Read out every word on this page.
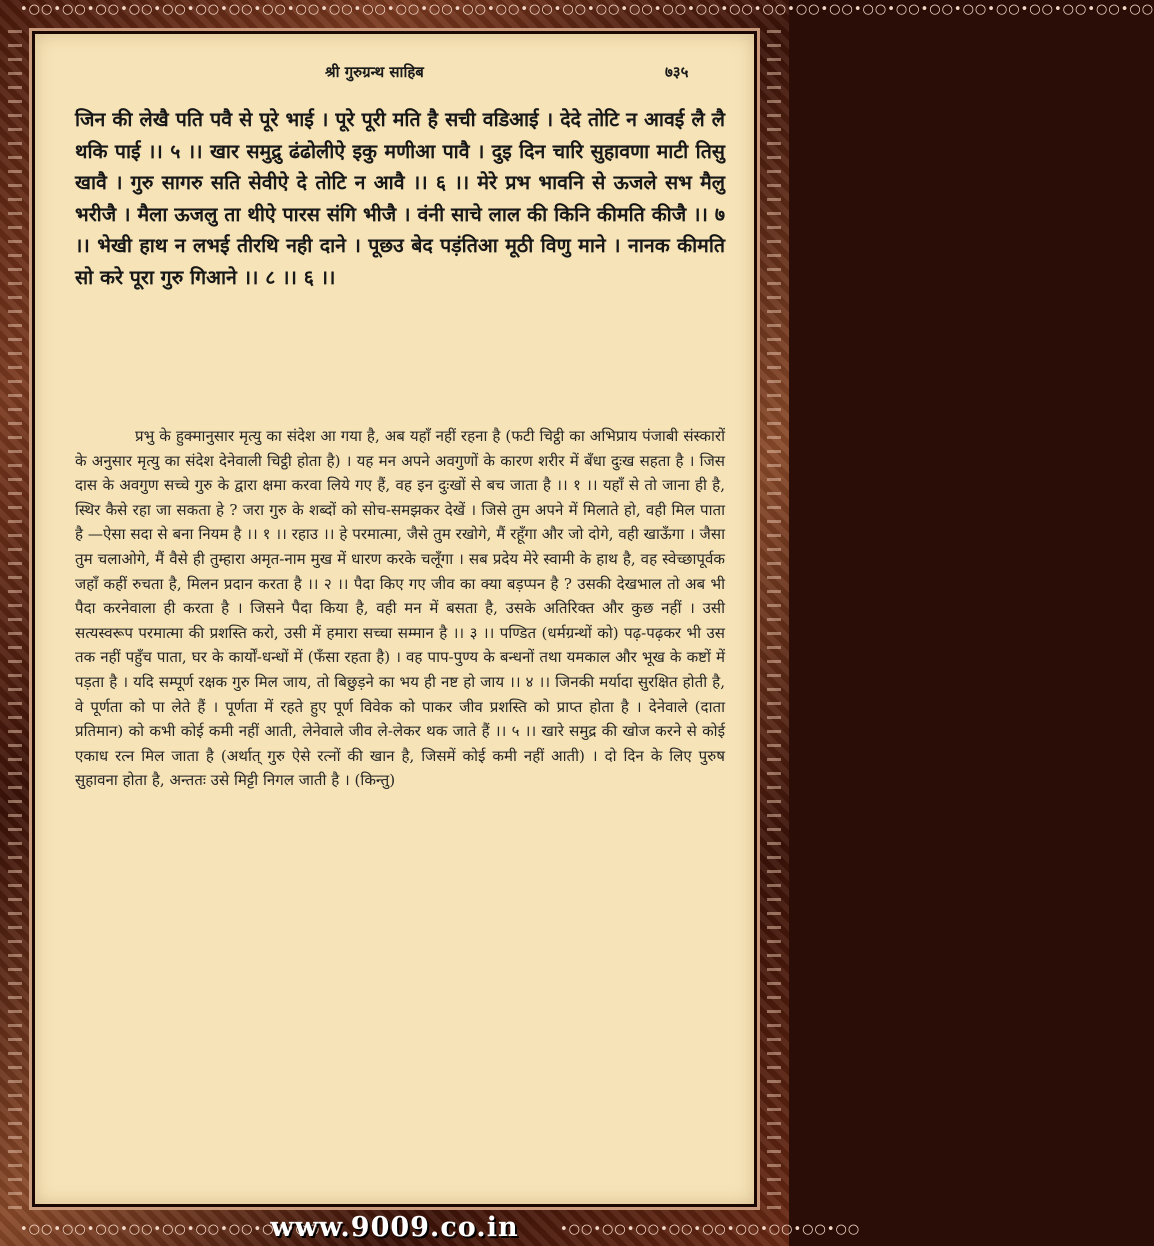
•○○•○○•○○•○○•○○•○○•○○•○○•○○•○○•○○•○○•○○•○○•○○•○○•○○•○○•○○•○○•○○•○○•○○•○○•○○•○○•○○•○○•○○•○○•○○•○○•○○•○○
•○○•○○•○○•○○•○○•○○•○○•○○•○○	•○○•○○•○○•○○•○○•○○•○○•○○•○○
श्री गुरुग्रन्थ साहिब	७३५
जिन की लेखै पति पवै से पूरे भाई । पूरे पूरी मति है सची वडिआई । देदे तोटि न आवई लै लै थकि पाई ।। ५ ।। खार समुद्रु ढंढोलीऐ इकु मणीआ पावै । दुइ दिन चारि सुहावणा माटी तिसु खावै । गुरु सागरु सति सेवीऐ दे तोटि न आवै ।। ६ ।। मेरे प्रभ भावनि से ऊजले सभ मैलु भरीजै । मैला ऊजलु ता थीऐ पारस संगि भीजै । वंनी साचे लाल की किनि कीमति कीजै ।। ७ ।। भेखी हाथ न लभई तीरथि नही दाने । पूछउ बेद पड़ंतिआ मूठी विणु माने । नानक कीमति सो करे पूरा गुरु गिआने ।। ८ ।। ६ ।।
प्रभु के हुक्मानुसार मृत्यु का संदेश आ गया है, अब यहाँ नहीं रहना है (फटी चिट्ठी का अभिप्राय पंजाबी संस्कारों के अनुसार मृत्यु का संदेश देनेवाली चिट्ठी होता है) । यह मन अपने अवगुणों के कारण शरीर में बँधा दुःख सहता है । जिस दास के अवगुण सच्चे गुरु के द्वारा क्षमा करवा लिये गए हैं, वह इन दुःखों से बच जाता है ।। १ ।। यहाँ से तो जाना ही है, स्थिर कैसे रहा जा सकता हे ? जरा गुरु के शब्दों को सोच-समझकर देखें । जिसे तुम अपने में मिलाते हो, वही मिल पाता है —ऐसा सदा से बना नियम है ।। १ ।। रहाउ ।। हे परमात्मा, जैसे तुम रखोगे, मैं रहूँगा और जो दोगे, वही खाऊँगा । जैसा तुम चलाओगे, मैं वैसे ही तुम्हारा अमृत-नाम मुख में धारण करके चलूँगा । सब प्रदेय मेरे स्वामी के हाथ है, वह स्वेच्छापूर्वक जहाँ कहीं रुचता है, मिलन प्रदान करता है ।। २ ।। पैदा किए गए जीव का क्या बड़प्पन है ? उसकी देखभाल तो अब भी पैदा करनेवाला ही करता है । जिसने पैदा किया है, वही मन में बसता है, उसके अतिरिक्त और कुछ नहीं । उसी सत्यस्वरूप परमात्मा की प्रशस्ति करो, उसी में हमारा सच्चा सम्मान है ।। ३ ।। पण्डित (धर्मग्रन्थों को) पढ़-पढ़कर भी उस तक नहीं पहुँच पाता, घर के कार्यों-धन्धों में (फँसा रहता है) । वह पाप-पुण्य के बन्धनों तथा यमकाल और भूख के कष्टों में पड़ता है । यदि सम्पूर्ण रक्षक गुरु मिल जाय, तो बिछुड़ने का भय ही नष्ट हो जाय ।। ४ ।। जिनकी मर्यादा सुरक्षित होती है, वे पूर्णता को पा लेते हैं । पूर्णता में रहते हुए पूर्ण विवेक को पाकर जीव प्रशस्ति को प्राप्त होता है । देनेवाले (दाता प्रतिमान) को कभी कोई कमी नहीं आती, लेनेवाले जीव ले-लेकर थक जाते हैं ।। ५ ।। खारे समुद्र की खोज करने से कोई एकाध रत्न मिल जाता है (अर्थात् गुरु ऐसे रत्नों की खान है, जिसमें कोई कमी नहीं आती) । दो दिन के लिए पुरुष सुहावना होता है, अन्ततः उसे मिट्टी निगल जाती है । (किन्तु)
www.9009.co.in
